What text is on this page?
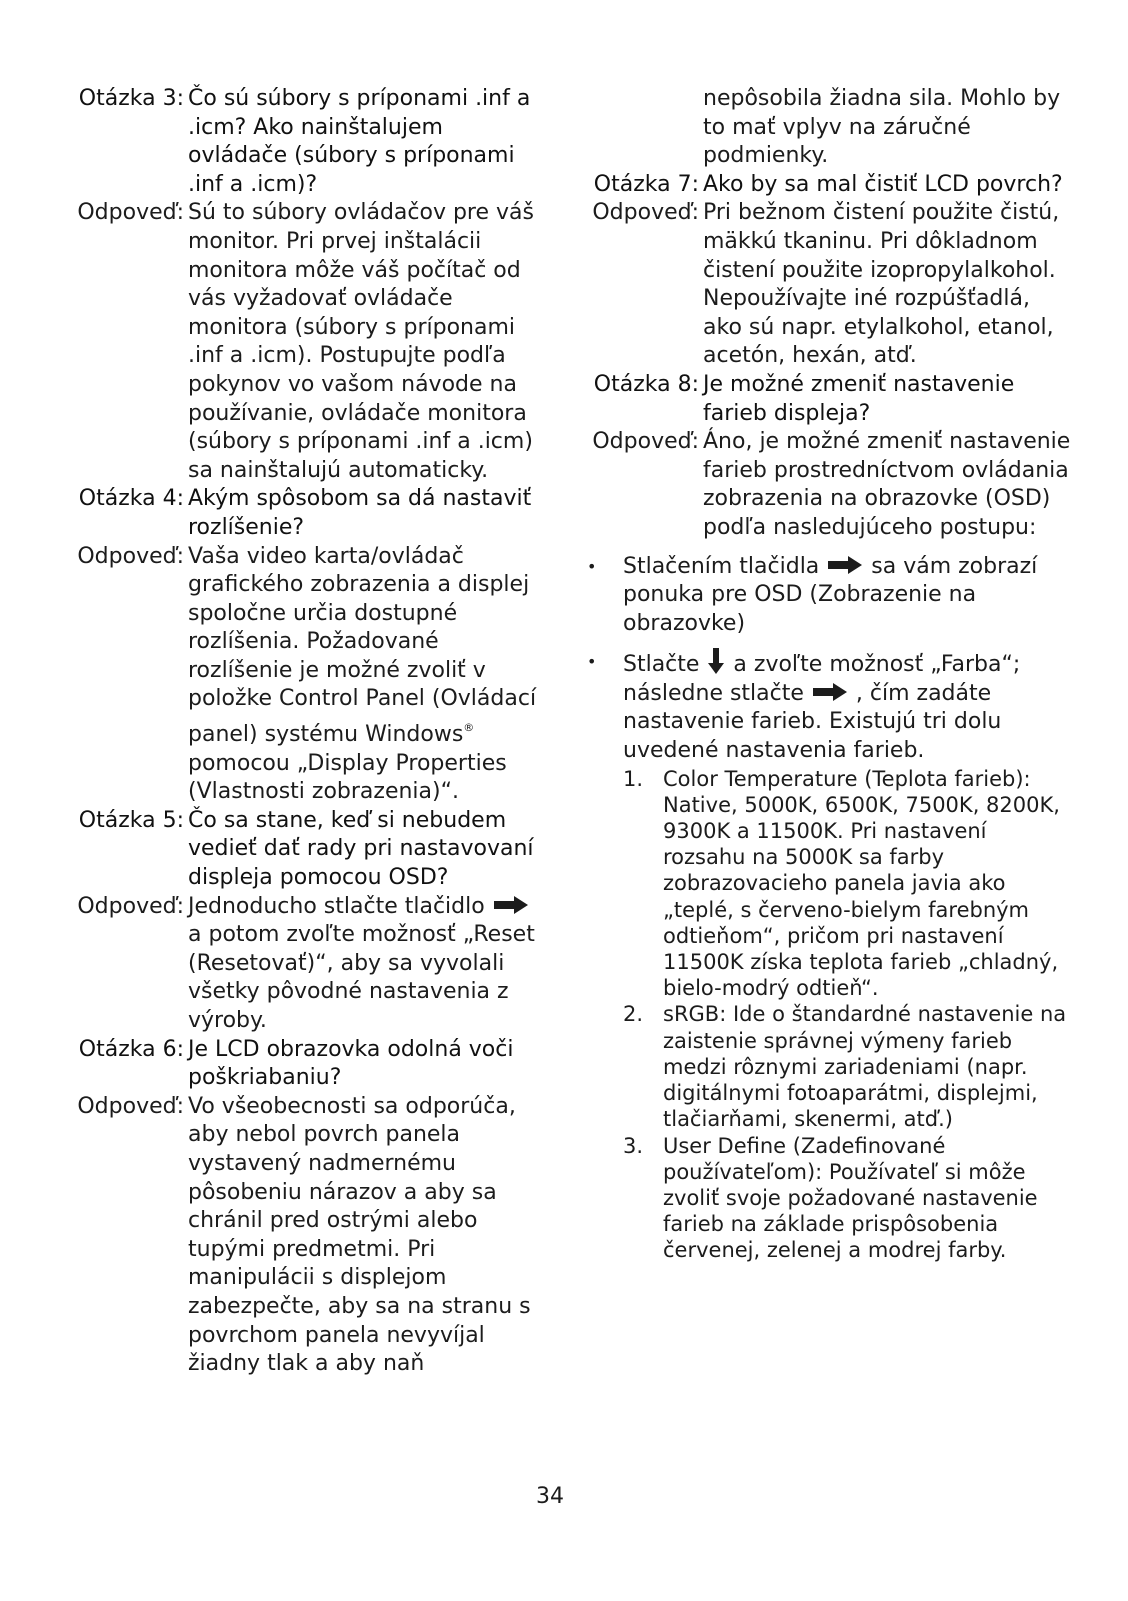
Otázka 3: Čo sú súbory s príponami .inf a .icm? Ako nainštalujem ovládače (súbory s príponami .inf a .icm)?
Odpoveď: Sú to súbory ovládačov pre váš monitor. Pri prvej inštalácii monitora môže váš počítač od vás vyžadovať ovládače monitora (súbory s príponami .inf a .icm). Postupujte podľa pokynov vo vašom návode na používanie, ovládače monitora (súbory s príponami .inf a .icm) sa nainštalujú automaticky.
Otázka 4: Akým spôsobom sa dá nastaviť rozlíšenie?
Odpoveď: Vaša video karta/ovládač grafického zobrazenia a displej spoločne určia dostupné rozlíšenia. Požadované rozlíšenie je možné zvoliť v položke Control Panel (Ovládací panel) systému Windows® pomocou „Display Properties (Vlastnosti zobrazenia)“.
Otázka 5: Čo sa stane, keď si nebudem vedieť dať rady pri nastavovaní displeja pomocou OSD?
Odpoveď: Jednoducho stlačte tlačidlo  a potom zvoľte možnosť „Reset (Resetovať)“, aby sa vyvolali všetky pôvodné nastavenia z výroby.
Otázka 6: Je LCD obrazovka odolná voči poškriabaniu?
Odpoveď: Vo všeobecnosti sa odporúča, aby nebol povrch panela vystavený nadmernému pôsobeniu nárazov a aby sa chránil pred ostrými alebo tupými predmetmi. Pri manipulácii s displejom zabezpečte, aby sa na stranu s povrchom panela nevyvíjal žiadny tlak a aby naň
nepôsobila žiadna sila. Mohlo by to mať vplyv na záručné podmienky.
Otázka 7: Ako by sa mal čistiť LCD povrch?
Odpoveď: Pri bežnom čistení použite čistú, mäkkú tkaninu. Pri dôkladnom čistení použite izopropylalkohol. Nepoužívajte iné rozpúšťadlá, ako sú napr. etylalkohol, etanol, acetón, hexán, atď.
Otázka 8: Je možné zmeniť nastavenie farieb displeja?
Odpoveď: Áno, je možné zmeniť nastavenie farieb prostredníctvom ovládania zobrazenia na obrazovke (OSD) podľa nasledujúceho postupu:
•	Stlačením tlačidla  sa vám zobrazí ponuka pre OSD (Zobrazenie na obrazovke)
•	Stlačte  a zvoľte možnosť „Farba“; následne stlačte  , čím zadáte nastavenie farieb. Existujú tri dolu uvedené nastavenia farieb.
1. Color Temperature (Teplota farieb): Native, 5000K, 6500K, 7500K, 8200K, 9300K a 11500K. Pri nastavení rozsahu na 5000K sa farby zobrazovacieho panela javia ako „teplé, s červeno-bielym farebným odtieňom“, pričom pri nastavení 11500K získa teplota farieb „chladný, bielo-modrý odtieň“.
2. sRGB: Ide o štandardné nastavenie na zaistenie správnej výmeny farieb medzi rôznymi zariadeniami (napr. digitálnymi fotoaparátmi, displejmi, tlačiarňami, skenermi, atď.)
3. User Define (Zadefinované používateľom): Používateľ si môže zvoliť svoje požadované nastavenie farieb na základe prispôsobenia červenej, zelenej a modrej farby.
34
